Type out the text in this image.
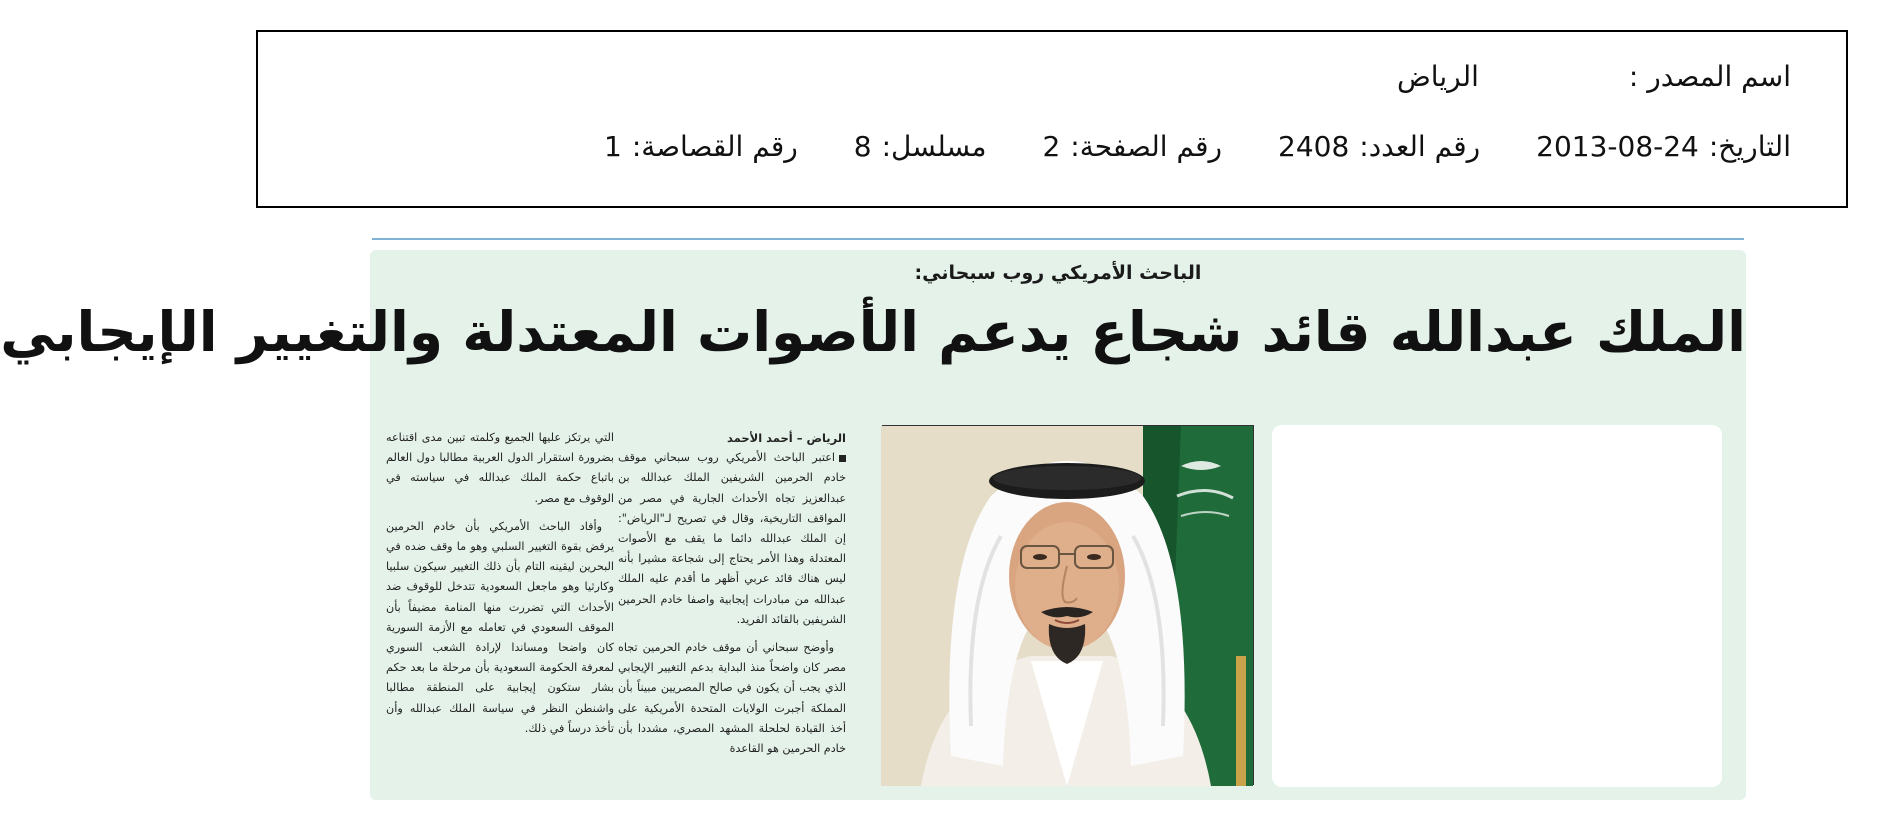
اسم المصدر :
الرياض
التاريخ:
2013-08-24
رقم العدد:
2408
رقم الصفحة:
2
مسلسل:
8
رقم القصاصة:
1
الباحث الأمريكي روب سبحاني:
الملك عبدالله قائد شجاع يدعم الأصوات المعتدلة والتغيير الإيجابي
الرياض – أحمد الأحمد

اعتبر الباحث الأمريكي روب سبحاني موقف خادم الحرمين الشريفين الملك عبدالله بن عبدالعزيز تجاه الأحداث الجارية في مصر من المواقف التاريخية، وقال في تصريح لـ"الرياض": إن الملك عبدالله دائما ما يقف مع الأصوات المعتدلة وهذا الأمر يحتاج إلى شجاعة مشيرا بأنه ليس هناك قائد عربي أظهر ما أقدم عليه الملك عبدالله من مبادرات إيجابية واصفا خادم الحرمين الشريفين بالقائد الفريد.

وأوضح سبحاني أن موقف خادم الحرمين تجاه مصر كان واضحاً منذ البداية بدعم التغيير الإيجابي الذي يجب أن يكون في صالح المصريين مبيناً بأن المملكة أجبرت الولايات المتحدة الأمريكية على أخذ القيادة لحلحلة المشهد المصري، مشددا بأن خادم الحرمين هو القاعدة

التي يرتكز عليها الجميع وكلمته تبين مدى اقتناعه بضرورة استقرار الدول العربية مطالبا دول العالم باتباع حكمة الملك عبدالله في سياسته في الوقوف مع مصر.

وأفاد الباحث الأمريكي بأن خادم الحرمين يرفض بقوة التغيير السلبي وهو ما وقف ضده في البحرين ليقينه التام بأن ذلك التغيير سيكون سلبيا وكارثيا وهو ماجعل السعودية تتدخل للوقوف ضد الأحداث التي تضررت منها المنامة مضيفاً بأن الموقف السعودي في تعامله مع الأزمة السورية كان واضحا ومساندا لإرادة الشعب السوري لمعرفة الحكومة السعودية بأن مرحلة ما بعد حكم بشار ستكون إيجابية على المنطقة مطالبا واشنطن النظر في سياسة الملك عبدالله وأن تأخذ درساً في ذلك.
